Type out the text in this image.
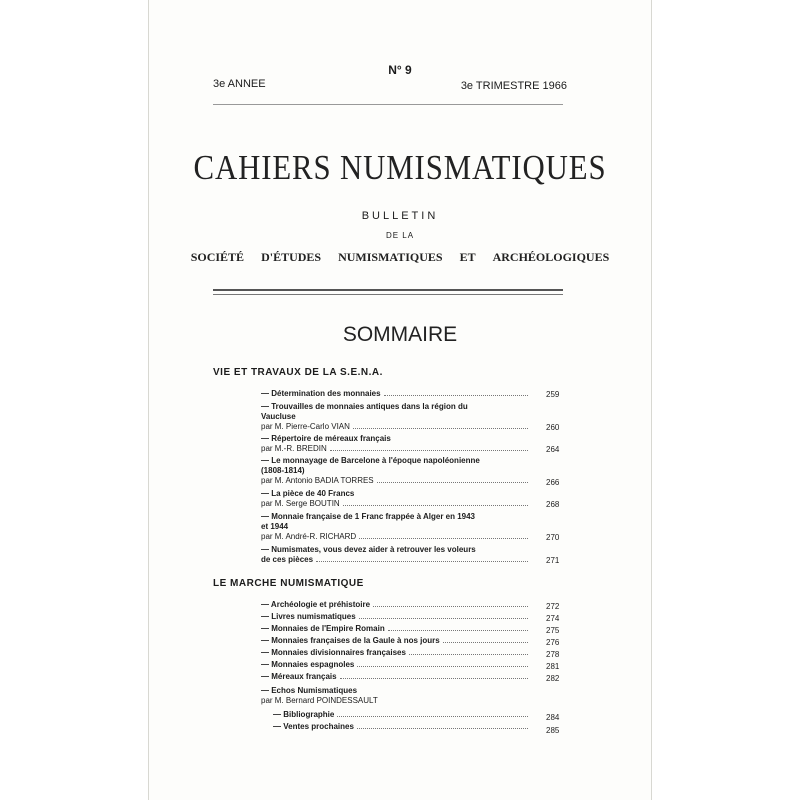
N° 9
3e ANNEE	3e TRIMESTRE 1966
CAHIERS NUMISMATIQUES
BULLETIN
DE LA
SOCIÉTÉ D'ÉTUDES NUMISMATIQUES ET ARCHÉOLOGIQUES
SOMMAIRE
VIE ET TRAVAUX DE LA S.E.N.A.
— Détermination des monnaies	259
— Trouvailles de monnaies antiques dans la région du
Vaucluse
par M. Pierre-Carlo VIAN	260
— Répertoire de méreaux français
par M.-R. BREDIN	264
— Le monnayage de Barcelone à l'époque napoléonienne
(1808-1814)
par M. Antonio BADIA TORRES	266
— La pièce de 40 Francs
par M. Serge BOUTIN	268
— Monnaie française de 1 Franc frappée à Alger en 1943
et 1944
par M. André-R. RICHARD	270
— Numismates, vous devez aider à retrouver les voleurs
de ces pièces	271
LE MARCHE NUMISMATIQUE
— Archéologie et préhistoire	272
— Livres numismatiques	274
— Monnaies de l'Empire Romain	275
— Monnaies françaises de la Gaule à nos jours	276
— Monnaies divisionnaires françaises	278
— Monnaies espagnoles	281
— Méreaux français	282
— Echos Numismatiques
par M. Bernard POINDESSAULT
— Bibliographie	284
— Ventes prochaines	285
